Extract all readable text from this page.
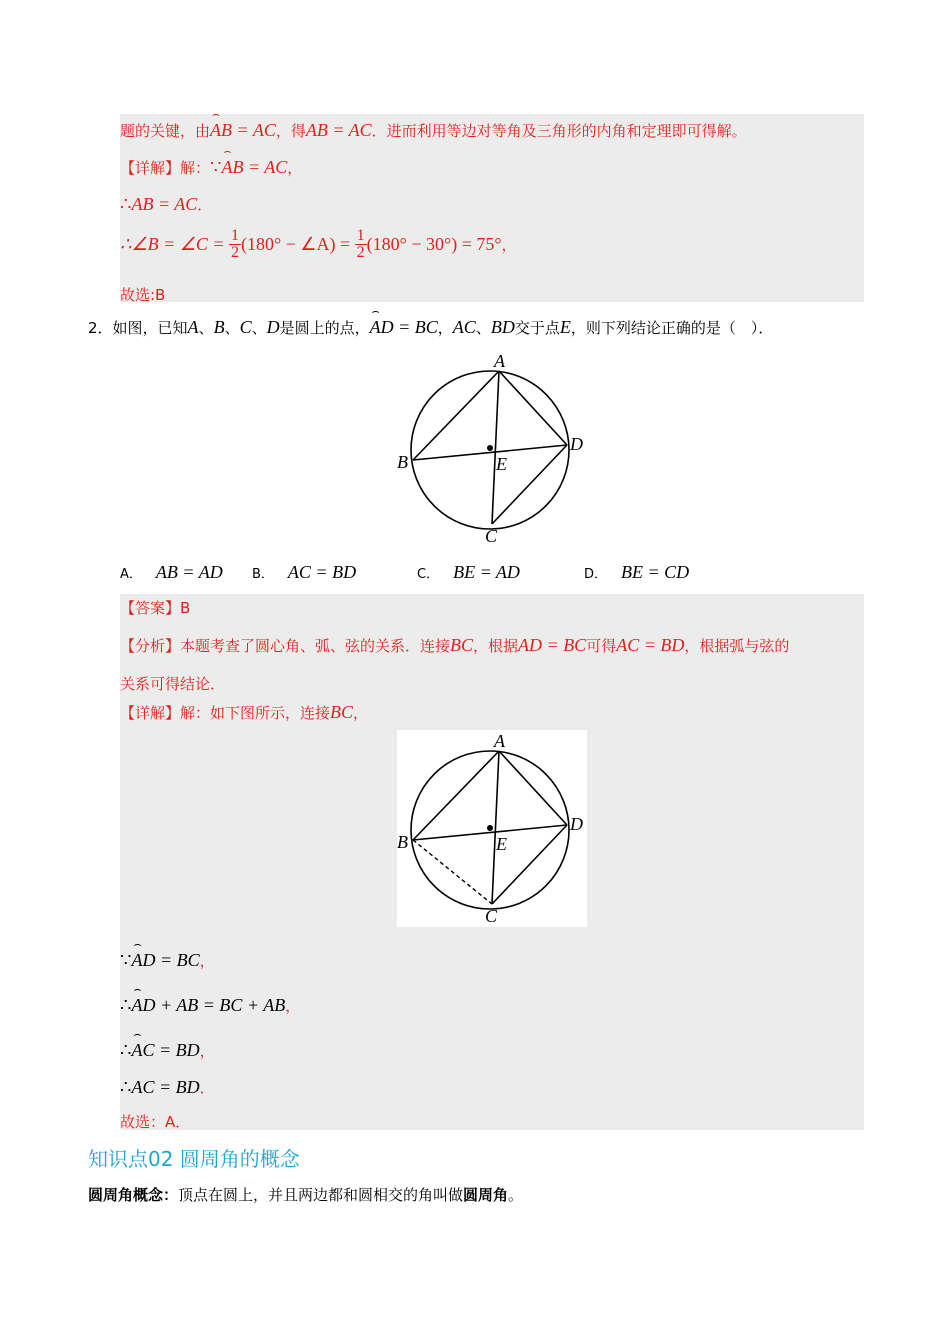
题的关键，由⌢ AB = AC，得AB = AC．进而利用等边对等角及三角形的内角和定理即可得解。
【详解】解：∵⌢ AB = AC，
∴AB = AC．
∴∠B = ∠C = $\frac{1}{2} (180^\circ$ − ∠A) = $\frac{1}{2} (180^\circ - 30^\circ) = 75^\circ$，
故选:B
2．如图，已知A、B、C、D是圆上的点，⌢ AD = BC，AC、BD交于点E，则下列结论正确的是（　）．
A
B
C
D
E
A． AB = AD B． AC = BD	C． BE = AD	D． BE = CD
【答案】B
【分析】本题考查了圆心角、弧、弦的关系．连接BC，根据AD = BC可得AC = BD，根据弧与弦的
关系可得结论．
【详解】解：如下图所示，连接BC，
A
B
C
D
E
∵⌢ AD = BC，
∴⌢ AD + AB = BC + AB，
∴⌢ AC = BD，
∴AC = BD．
故选：A．
知识点02 圆周角的概念
圆周角概念：顶点在圆上，并且两边都和圆相交的角叫做圆周角。
